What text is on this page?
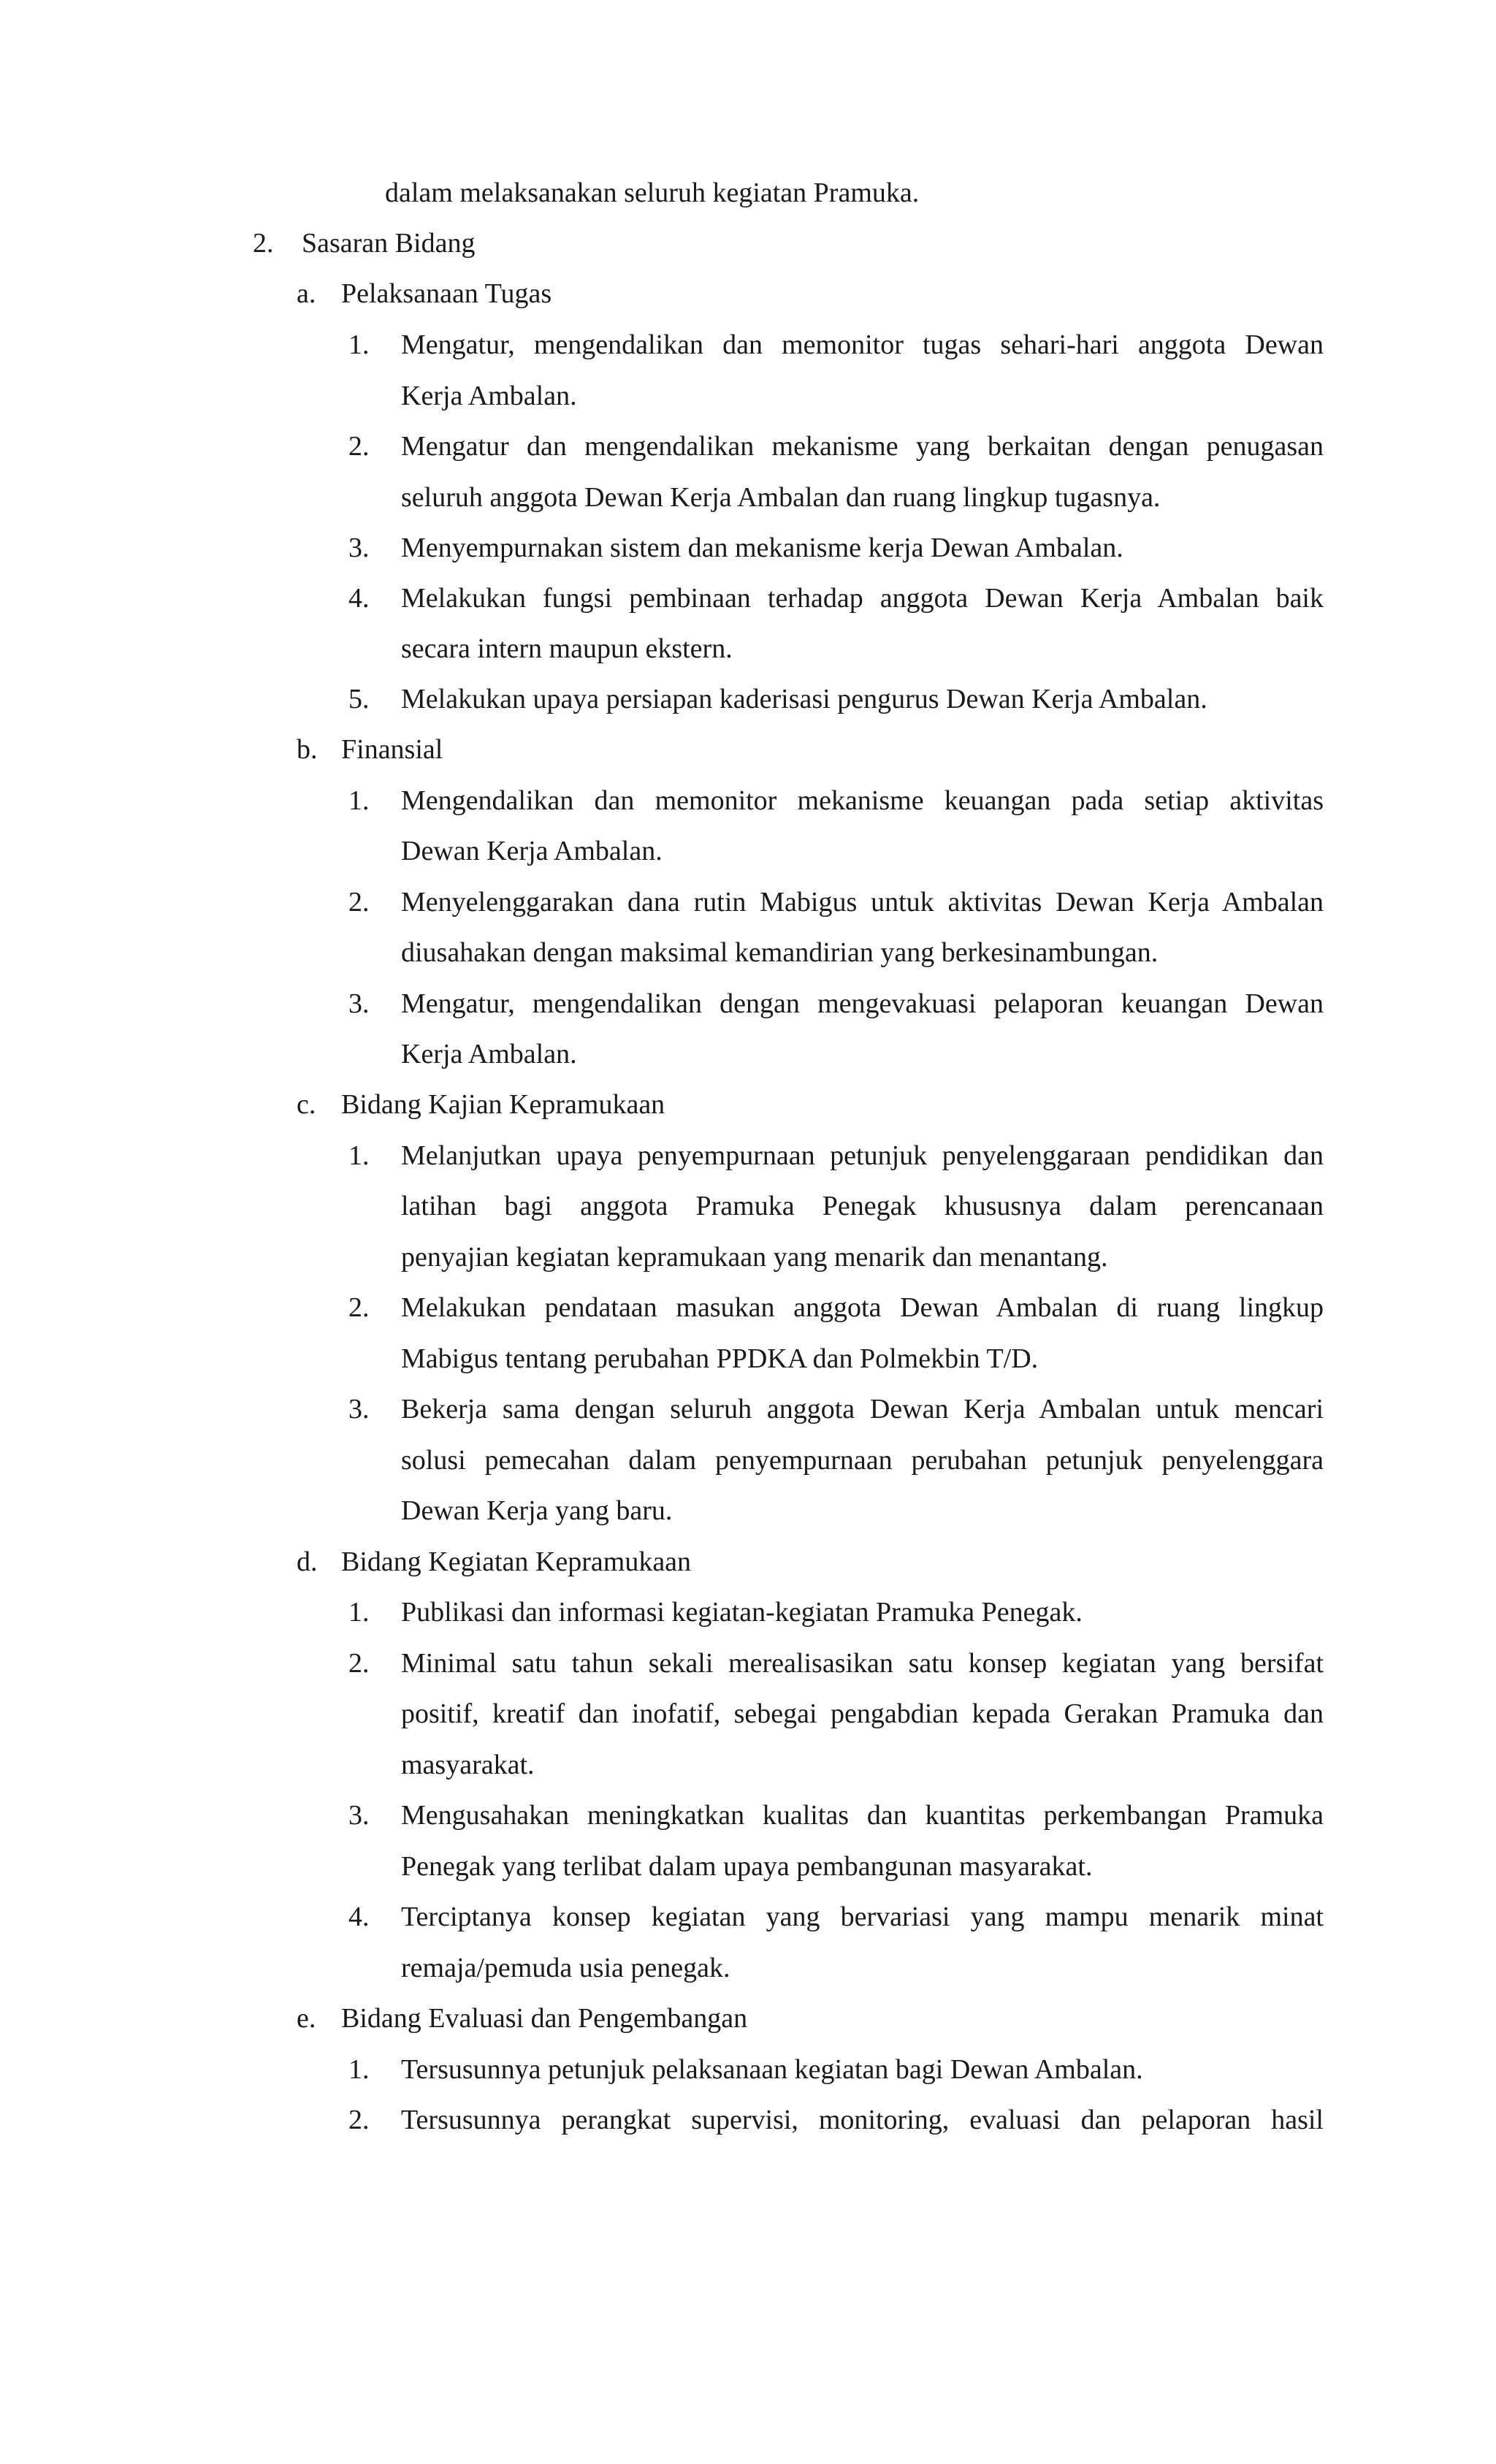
dalam melaksanakan seluruh kegiatan Pramuka.
2. Sasaran Bidang
a. Pelaksanaan Tugas
1. Mengatur, mengendalikan dan memonitor tugas sehari-hari anggota Dewan
Kerja Ambalan.
2. Mengatur dan mengendalikan mekanisme yang berkaitan dengan penugasan
seluruh anggota Dewan Kerja Ambalan dan ruang lingkup tugasnya.
3. Menyempurnakan sistem dan mekanisme kerja Dewan Ambalan.
4. Melakukan fungsi pembinaan terhadap anggota Dewan Kerja Ambalan baik
secara intern maupun ekstern.
5. Melakukan upaya persiapan kaderisasi pengurus Dewan Kerja Ambalan.
b. Finansial
1. Mengendalikan dan memonitor mekanisme keuangan pada setiap aktivitas
Dewan Kerja Ambalan.
2. Menyelenggarakan dana rutin Mabigus untuk aktivitas Dewan Kerja Ambalan
diusahakan dengan maksimal kemandirian yang berkesinambungan.
3. Mengatur, mengendalikan dengan mengevakuasi pelaporan keuangan Dewan
Kerja Ambalan.
c. Bidang Kajian Kepramukaan
1. Melanjutkan upaya penyempurnaan petunjuk penyelenggaraan pendidikan dan
latihan bagi anggota Pramuka Penegak khususnya dalam perencanaan
penyajian kegiatan kepramukaan yang menarik dan menantang.
2. Melakukan pendataan masukan anggota Dewan Ambalan di ruang lingkup
Mabigus tentang perubahan PPDKA dan Polmekbin T/D.
3. Bekerja sama dengan seluruh anggota Dewan Kerja Ambalan untuk mencari
solusi pemecahan dalam penyempurnaan perubahan petunjuk penyelenggara
Dewan Kerja yang baru.
d. Bidang Kegiatan Kepramukaan
1. Publikasi dan informasi kegiatan-kegiatan Pramuka Penegak.
2. Minimal satu tahun sekali merealisasikan satu konsep kegiatan yang bersifat
positif, kreatif dan inofatif, sebegai pengabdian kepada Gerakan Pramuka dan
masyarakat.
3. Mengusahakan meningkatkan kualitas dan kuantitas perkembangan Pramuka
Penegak yang terlibat dalam upaya pembangunan masyarakat.
4. Terciptanya konsep kegiatan yang bervariasi yang mampu menarik minat
remaja/pemuda usia penegak.
e. Bidang Evaluasi dan Pengembangan
1. Tersusunnya petunjuk pelaksanaan kegiatan bagi Dewan Ambalan.
2. Tersusunnya perangkat supervisi, monitoring, evaluasi dan pelaporan hasil
